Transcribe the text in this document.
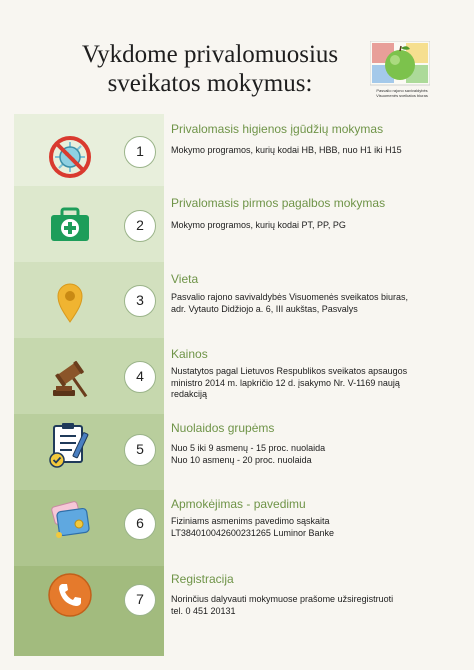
Vykdome privalomuosius
sveikatos mokymus:	Pasvalio rajono savivaldybės
Visuomenės sveikatos biuras
1
Privalomasis higienos įgūdžių mokymas
Mokymo programos, kurių kodai HB, HBB, nuo H1 iki H15
2
Privalomasis pirmos pagalbos mokymas
Mokymo programos, kurių kodai PT, PP, PG
3
Vieta
Pasvalio rajono savivaldybės Visuomenės sveikatos biuras,
adr. Vytauto Didžiojo a. 6, III aukštas, Pasvalys
4
Kainos
Nustatytos pagal Lietuvos Respublikos sveikatos apsaugos
ministro 2014 m. lapkričio 12 d. įsakymo Nr. V-1169 naują
redakciją
5
Nuolaidos grupėms
Nuo 5 iki 9 asmenų - 15 proc. nuolaida
Nuo 10 asmenų - 20 proc. nuolaida
6
Apmokėjimas - pavedimu
Fiziniams asmenims pavedimo sąskaita
LT384010042600231265 Luminor Banke
7
Registracija
Norinčius dalyvauti mokymuose prašome užsiregistruoti
tel. 0 451 20131
